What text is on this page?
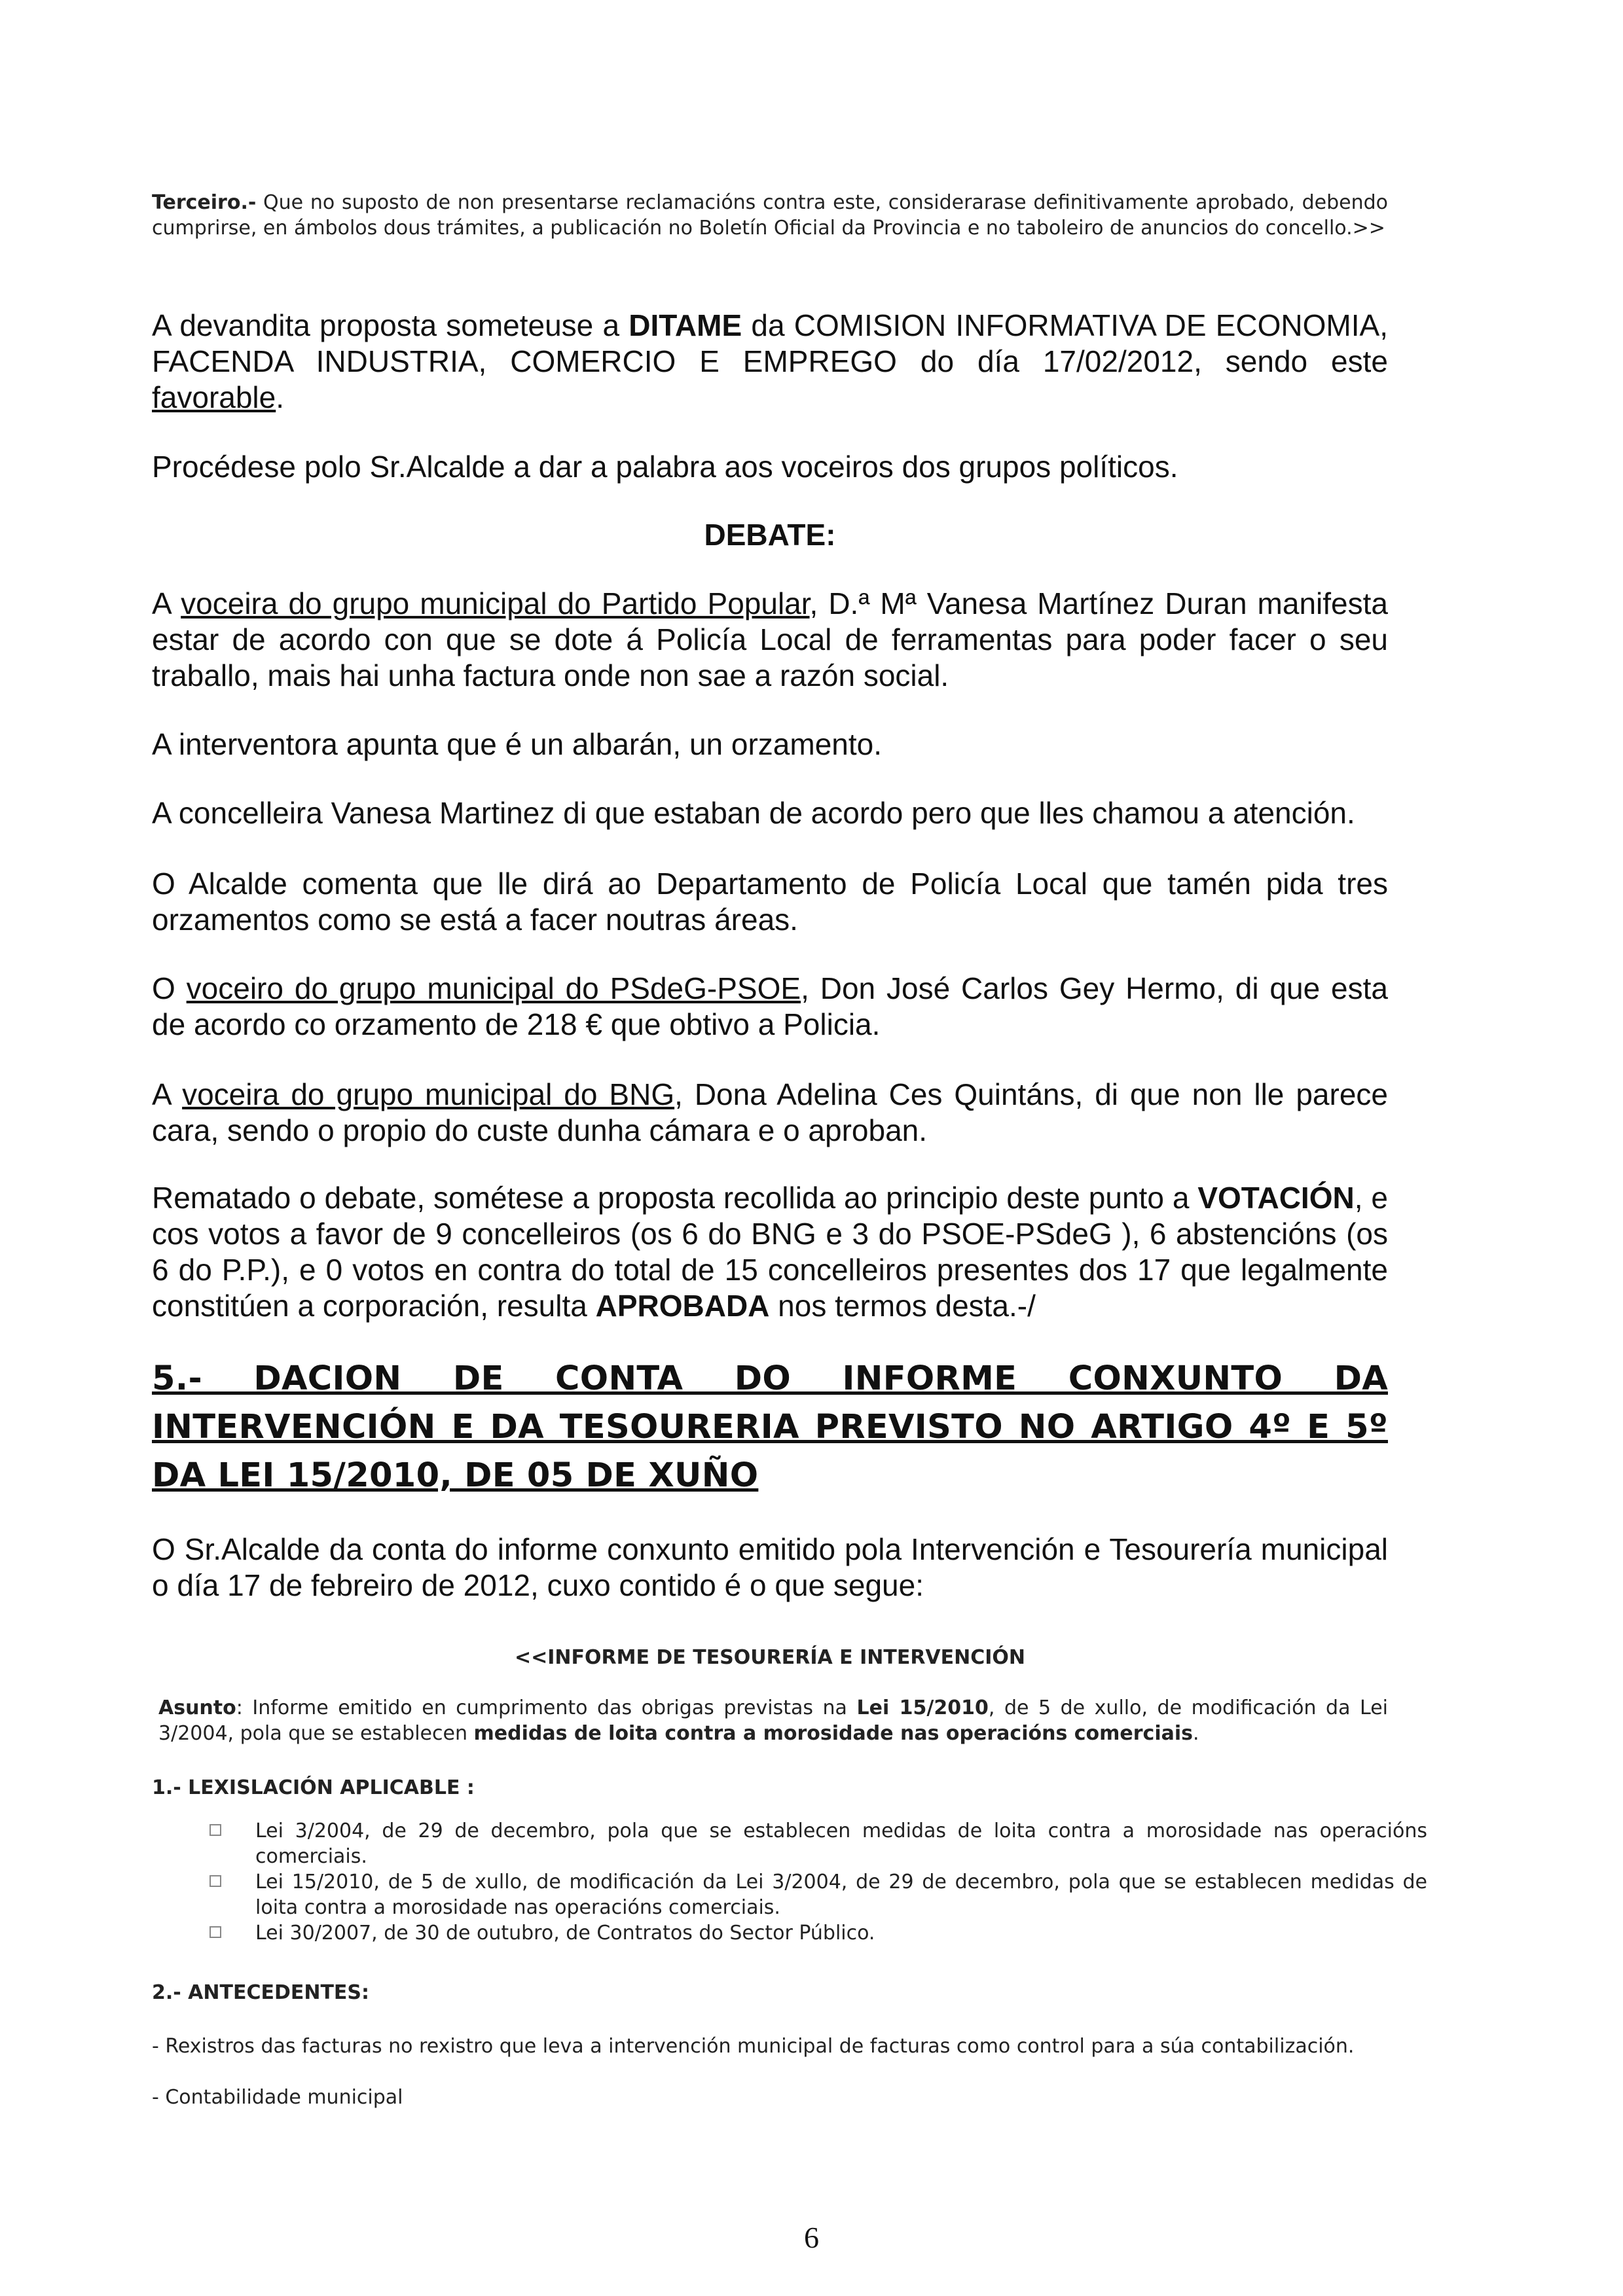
Terceiro.- Que no suposto de non presentarse reclamacións contra este, considerarase definitivamente aprobado, debendo cumprirse, en ámbolos dous trámites, a publicación no Boletín Oficial da Provincia e no taboleiro de anuncios do concello.>>

A devandita proposta someteuse a DITAME da COMISION INFORMATIVA DE ECONOMIA, FACENDA INDUSTRIA, COMERCIO E EMPREGO do día 17/02/2012, sendo este favorable.

Procédese polo Sr.Alcalde a dar a palabra aos voceiros dos grupos políticos.

DEBATE:

A voceira do grupo municipal do Partido Popular, D.ª Mª Vanesa Martínez Duran manifesta estar de acordo con que se dote á Policía Local de ferramentas para poder facer o seu traballo, mais hai unha factura onde non sae a razón social.

A interventora apunta que é un albarán, un orzamento.

A concelleira Vanesa Martinez di que estaban de acordo pero que lles chamou a atención.

O Alcalde comenta que lle dirá ao Departamento de Policía Local que tamén pida tres orzamentos como se está a facer noutras áreas.

O voceiro do grupo municipal do PSdeG-PSOE, Don José Carlos Gey Hermo, di que esta de acordo co orzamento de 218 € que obtivo a Policia.

A voceira do grupo municipal do BNG, Dona Adelina Ces Quintáns, di que non lle parece cara, sendo o propio do custe dunha cámara e o aproban.

Rematado o debate, sométese a proposta recollida ao principio deste punto a VOTACIÓN, e cos votos a favor de 9 concelleiros (os 6 do BNG e 3 do PSOE-PSdeG ), 6 abstencións (os 6 do P.P.), e 0 votos en contra do total de 15 concelleiros presentes dos 17 que legalmente constitúen a corporación, resulta APROBADA nos termos desta.-/

5.- DACION DE CONTA DO INFORME CONXUNTO DA INTERVENCIÓN E DA TESOURERIA PREVISTO NO ARTIGO 4º E 5º DA LEI 15/2010, DE 05 DE XUÑO

O Sr.Alcalde da conta do informe conxunto emitido pola Intervención e Tesourería municipal o día 17 de febreiro de 2012, cuxo contido é o que segue:

<<INFORME DE TESOURERÍA E INTERVENCIÓN

Asunto: Informe emitido en cumprimento das obrigas previstas na Lei 15/2010, de 5 de xullo, de modificación da Lei 3/2004, pola que se establecen medidas de loita contra a morosidade nas operacións comerciais.

1.- LEXISLACIÓN APLICABLE :

Lei 3/2004, de 29 de decembro, pola que se establecen medidas de loita contra a morosidade nas operacións comerciais.
Lei 15/2010, de 5 de xullo, de modificación da Lei 3/2004, de 29 de decembro, pola que se establecen medidas de loita contra a morosidade nas operacións comerciais.
Lei 30/2007, de 30 de outubro, de Contratos do Sector Público.

2.- ANTECEDENTES:

- Rexistros das facturas no rexistro que leva a intervención municipal de facturas como control para a súa contabilización.

- Contabilidade municipal

6
